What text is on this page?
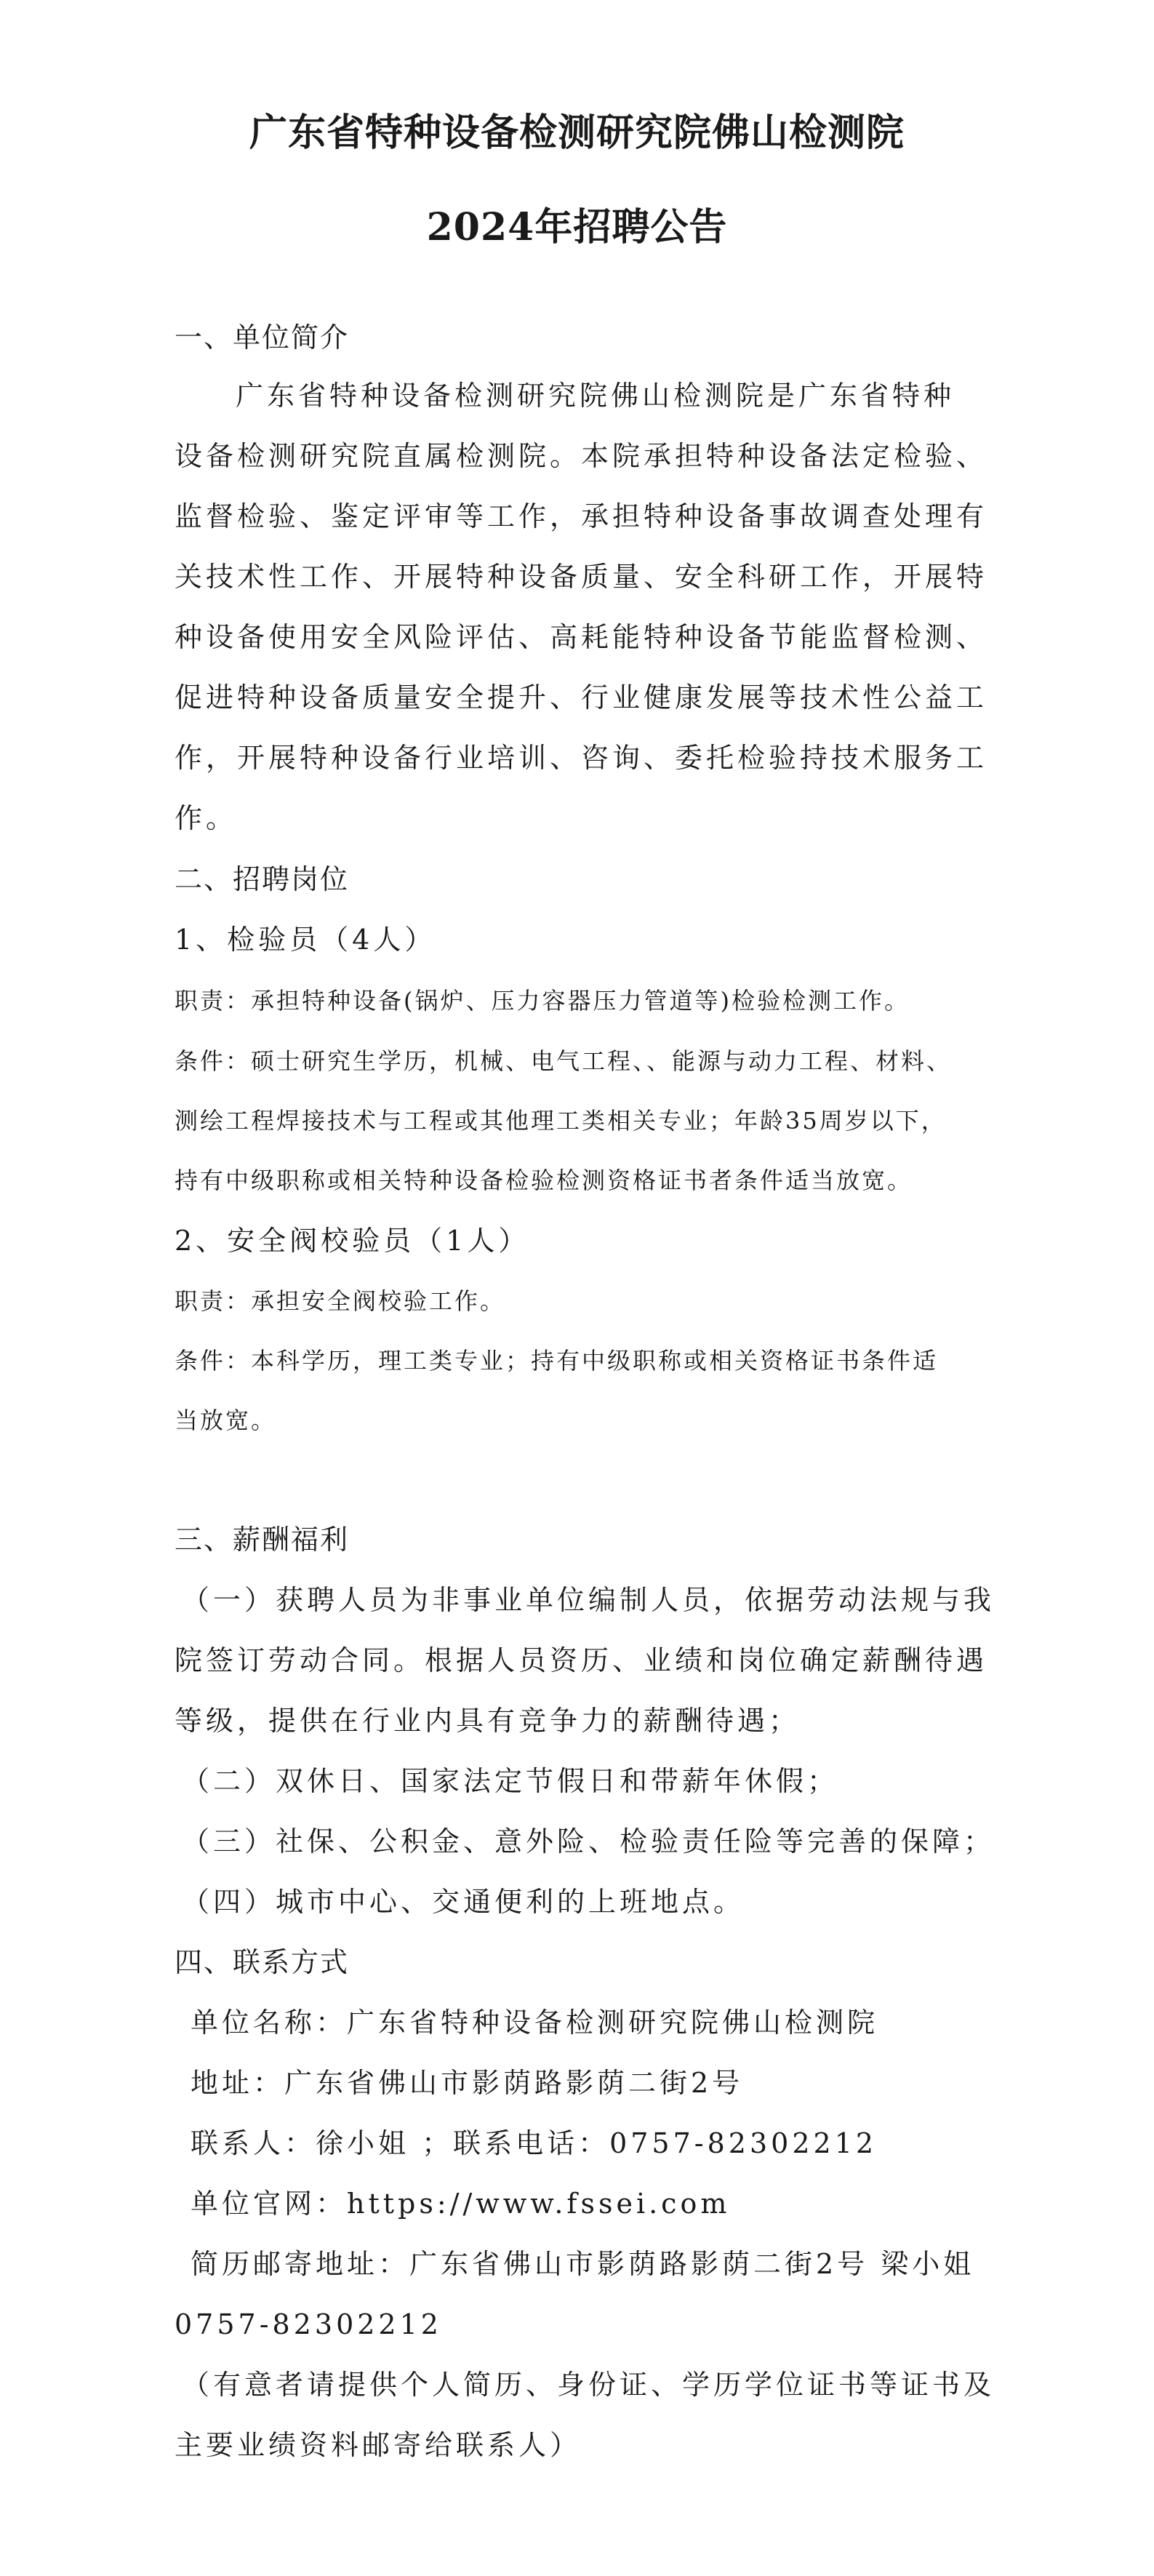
广东省特种设备检测研究院佛山检测院
2024年招聘公告
一、单位简介
广东省特种设备检测研究院佛山检测院是广东省特种
设备检测研究院直属检测院。本院承担特种设备法定检验、
监督检验、鉴定评审等工作，承担特种设备事故调查处理有
关技术性工作、开展特种设备质量、安全科研工作，开展特
种设备使用安全风险评估、高耗能特种设备节能监督检测、
促进特种设备质量安全提升、行业健康发展等技术性公益工
作，开展特种设备行业培训、咨询、委托检验持技术服务工
作。
二、招聘岗位
1、检验员（4人）
职责：承担特种设备(锅炉、压力容器压力管道等)检验检测工作。
条件：硕士研究生学历，机械、电气工程、、能源与动力工程、材料、
测绘工程焊接技术与工程或其他理工类相关专业；年龄35周岁以下，
持有中级职称或相关特种设备检验检测资格证书者条件适当放宽。
2、安全阀校验员（1人）
职责：承担安全阀校验工作。
条件：本科学历，理工类专业；持有中级职称或相关资格证书条件适
当放宽。
三、薪酬福利
（一）获聘人员为非事业单位编制人员，依据劳动法规与我
院签订劳动合同。根据人员资历、业绩和岗位确定薪酬待遇
等级，提供在行业内具有竞争力的薪酬待遇；
（二）双休日、国家法定节假日和带薪年休假；
（三）社保、公积金、意外险、检验责任险等完善的保障；
（四）城市中心、交通便利的上班地点。
四、联系方式
单位名称：广东省特种设备检测研究院佛山检测院
地址：广东省佛山市影荫路影荫二街2号
联系人：徐小姐 ；联系电话：0757-82302212
单位官网：https://www.fssei.com
简历邮寄地址：广东省佛山市影荫路影荫二街2号 梁小姐
0757-82302212
（有意者请提供个人简历、身份证、学历学位证书等证书及
主要业绩资料邮寄给联系人）
